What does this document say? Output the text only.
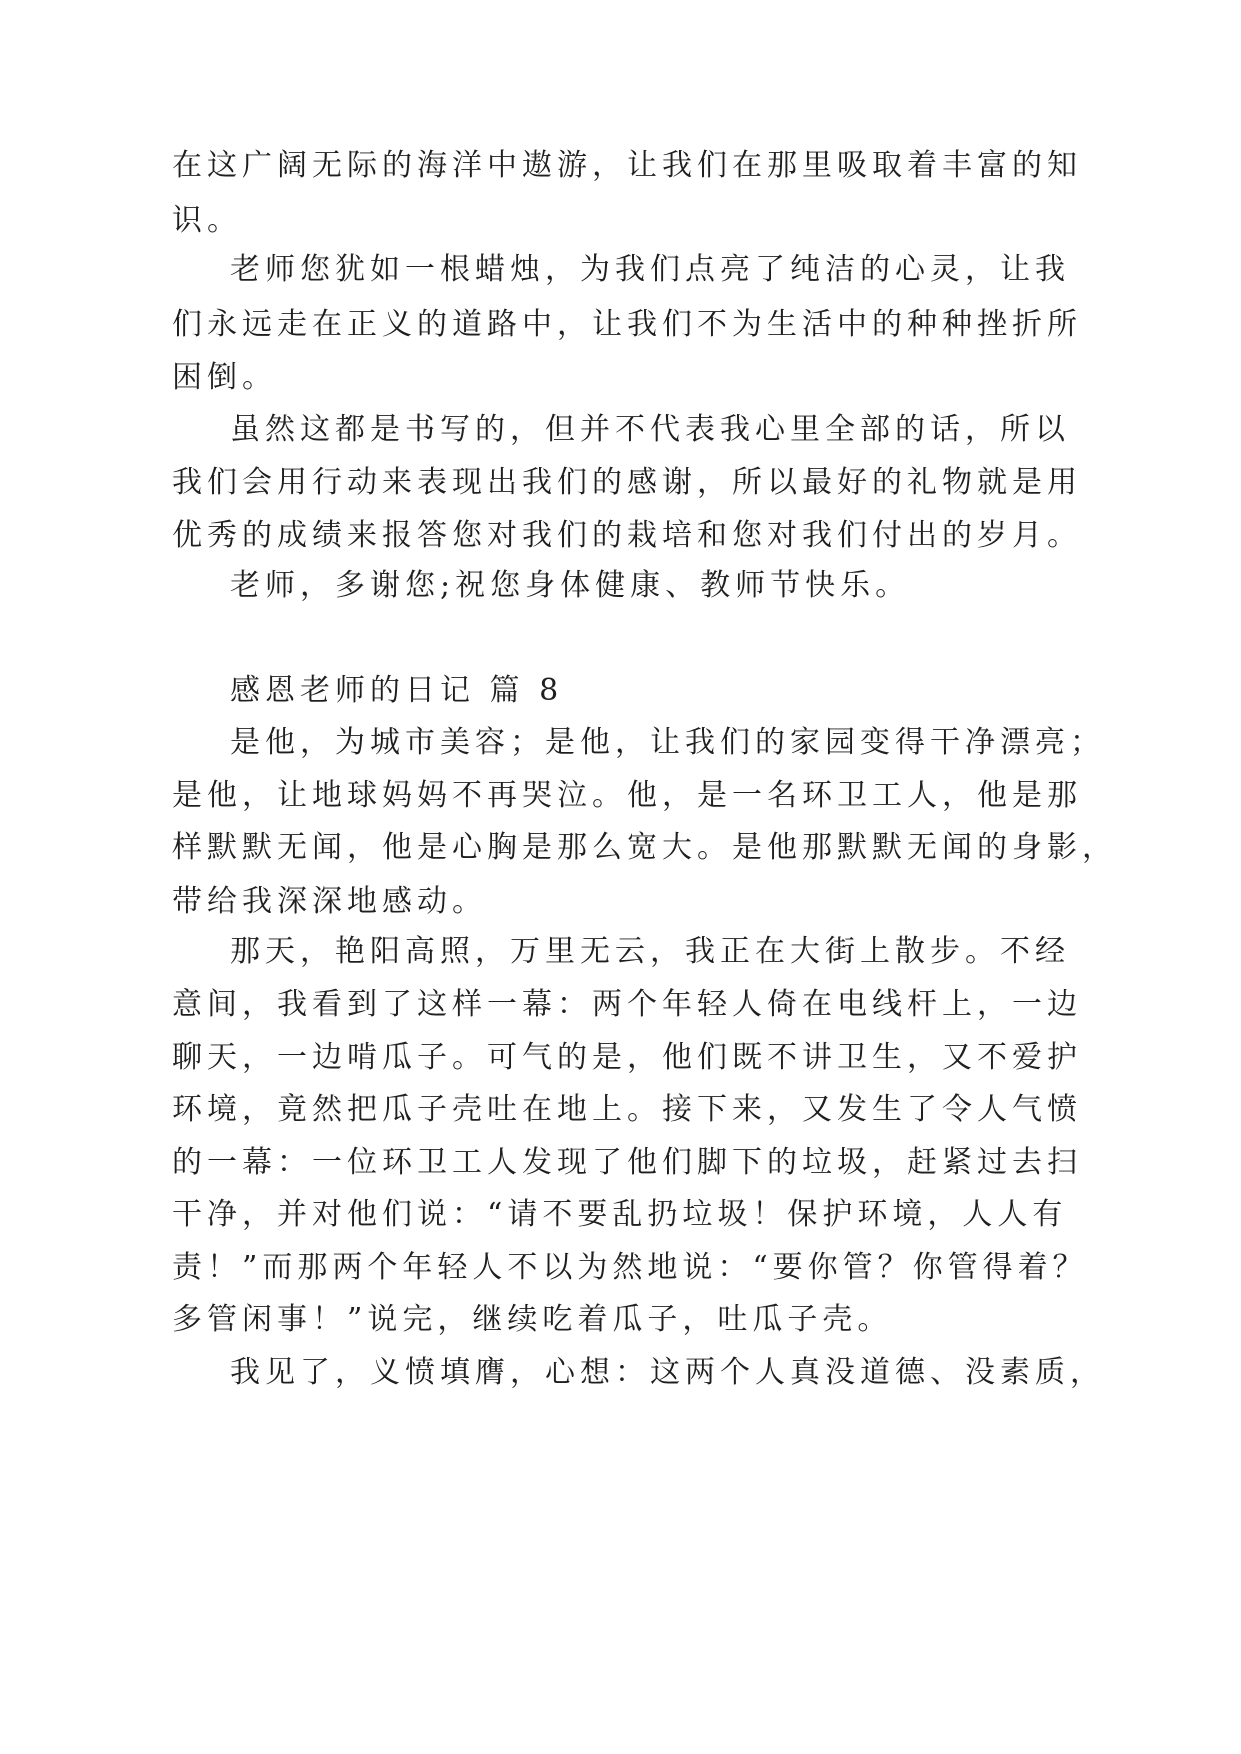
在这广阔无际的海洋中遨游，让我们在那里吸取着丰富的知

识。

老师您犹如一根蜡烛，为我们点亮了纯洁的心灵，让我

们永远走在正义的道路中，让我们不为生活中的种种挫折所

困倒。

虽然这都是书写的，但并不代表我心里全部的话，所以

我们会用行动来表现出我们的感谢，所以最好的礼物就是用

优秀的成绩来报答您对我们的栽培和您对我们付出的岁月。

老师，多谢您;祝您身体健康、教师节快乐。

感恩老师的日记 篇 8

是他，为城市美容；是他，让我们的家园变得干净漂亮；

是他，让地球妈妈不再哭泣。他，是一名环卫工人，他是那

样默默无闻，他是心胸是那么宽大。是他那默默无闻的身影，

带给我深深地感动。

那天，艳阳高照，万里无云，我正在大街上散步。不经

意间，我看到了这样一幕：两个年轻人倚在电线杆上，一边

聊天，一边啃瓜子。可气的是，他们既不讲卫生，又不爱护

环境，竟然把瓜子壳吐在地上。接下来，又发生了令人气愤

的一幕：一位环卫工人发现了他们脚下的垃圾，赶紧过去扫

干净，并对他们说：“请不要乱扔垃圾！保护环境，人人有

责！”而那两个年轻人不以为然地说：“要你管？你管得着？

多管闲事！”说完，继续吃着瓜子，吐瓜子壳。

我见了，义愤填膺，心想：这两个人真没道德、没素质，
